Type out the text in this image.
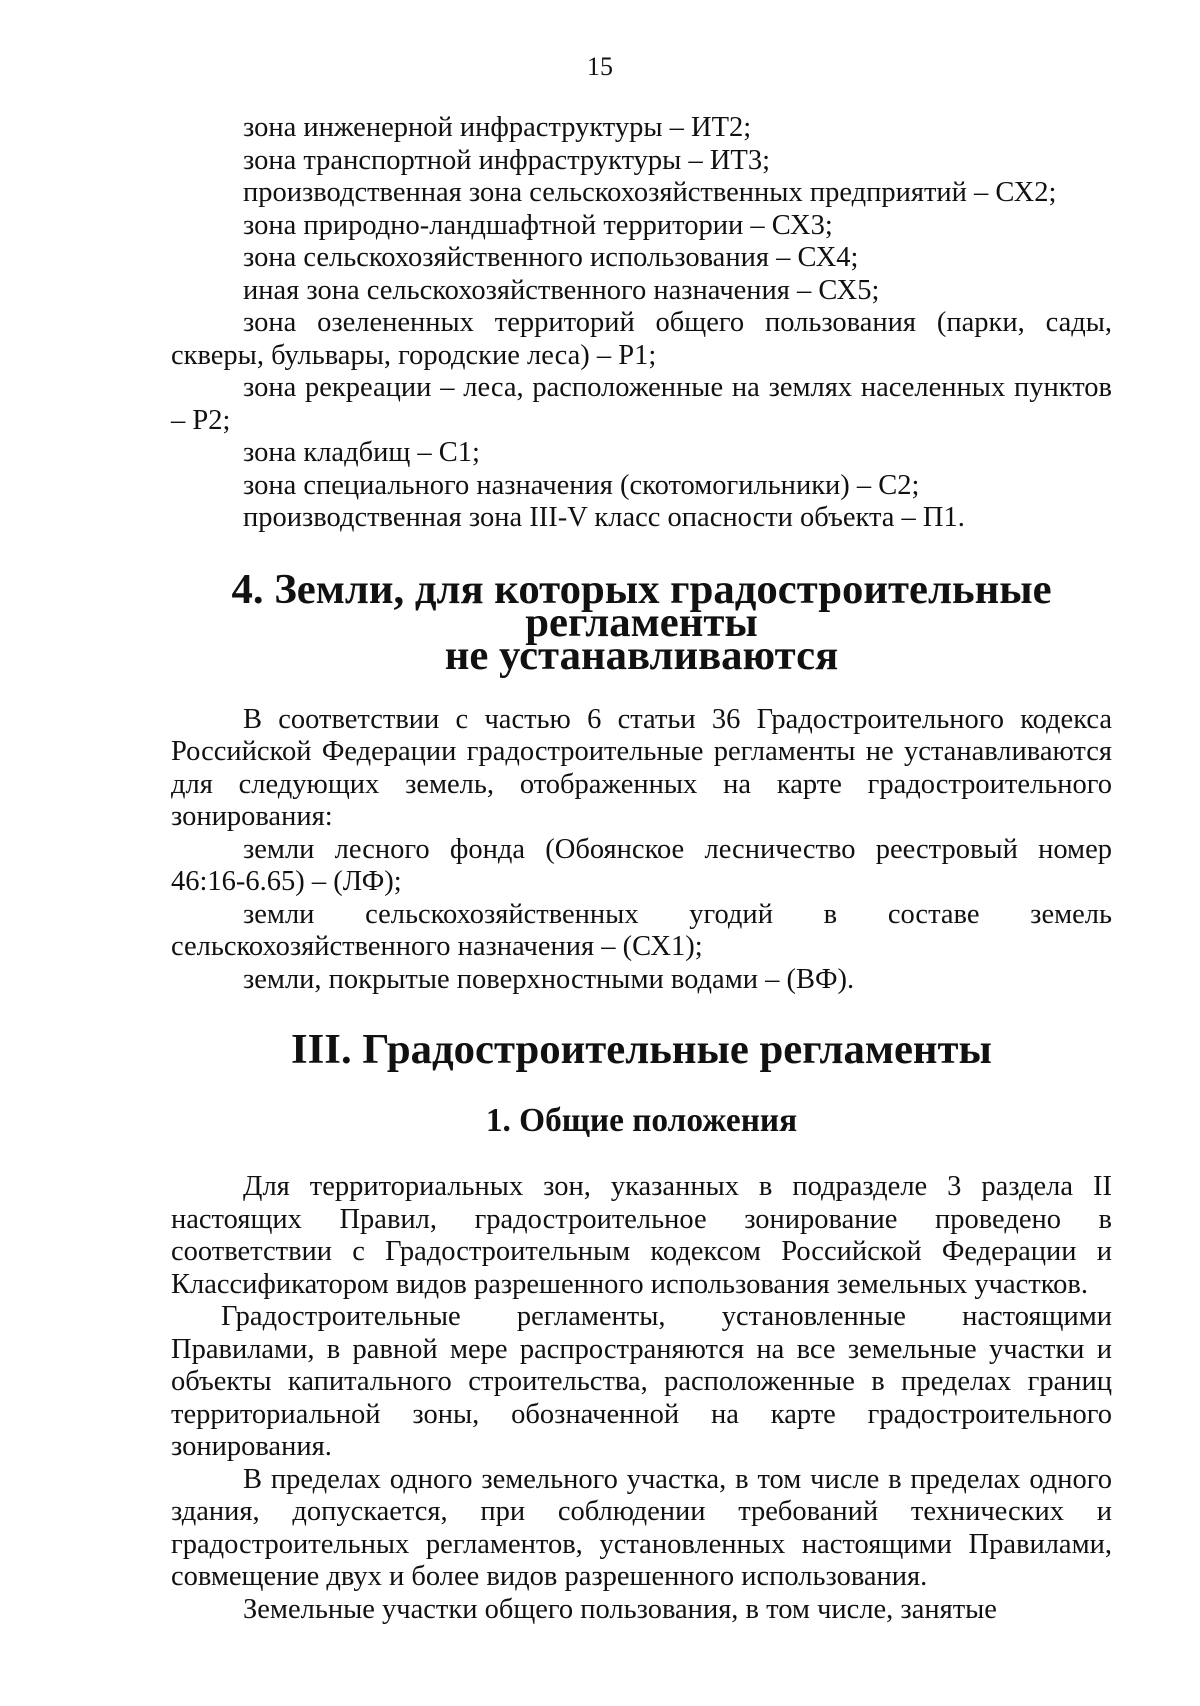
15

зона инженерной инфраструктуры – ИТ2;

зона транспортной инфраструктуры – ИТ3;

производственная зона сельскохозяйственных предприятий – СХ2;

зона природно-ландшафтной территории – СХ3;

зона сельскохозяйственного использования – СХ4;

иная зона сельскохозяйственного назначения – СХ5;

зона озелененных территорий общего пользования (парки, сады, скверы, бульвары, городские леса) – Р1;

зона рекреации – леса, расположенные на землях населенных пунктов – Р2;

зона кладбищ – С1;

зона специального назначения (скотомогильники) – С2;

производственная зона III-V класс опасности объекта – П1.

4. Земли, для которых градостроительные регламенты
не устанавливаются

В соответствии с частью 6 статьи 36 Градостроительного кодекса Российской Федерации градостроительные регламенты не устанавливаются для следующих земель, отображенных на карте градостроительного зонирования:

земли лесного фонда (Обоянское лесничество реестровый номер 46:16-6.65) – (ЛФ);

земли сельскохозяйственных угодий в составе земель сельскохозяйственного назначения – (СХ1);

земли, покрытые поверхностными водами – (ВФ).

III. Градостроительные регламенты
1. Общие положения

Для территориальных зон, указанных в подразделе 3 раздела II настоящих Правил, градостроительное зонирование проведено в соответствии с Градостроительным кодексом Российской Федерации и Классификатором видов разрешенного использования земельных участков.

Градостроительные регламенты, установленные настоящими Правилами, в равной мере распространяются на все земельные участки и объекты капитального строительства, расположенные в пределах границ территориальной зоны, обозначенной на карте градостроительного зонирования.

В пределах одного земельного участка, в том числе в пределах одного здания, допускается, при соблюдении требований технических и градостроительных регламентов, установленных настоящими Правилами, совмещение двух и более видов разрешенного использования.

Земельные участки общего пользования, в том числе, занятые
